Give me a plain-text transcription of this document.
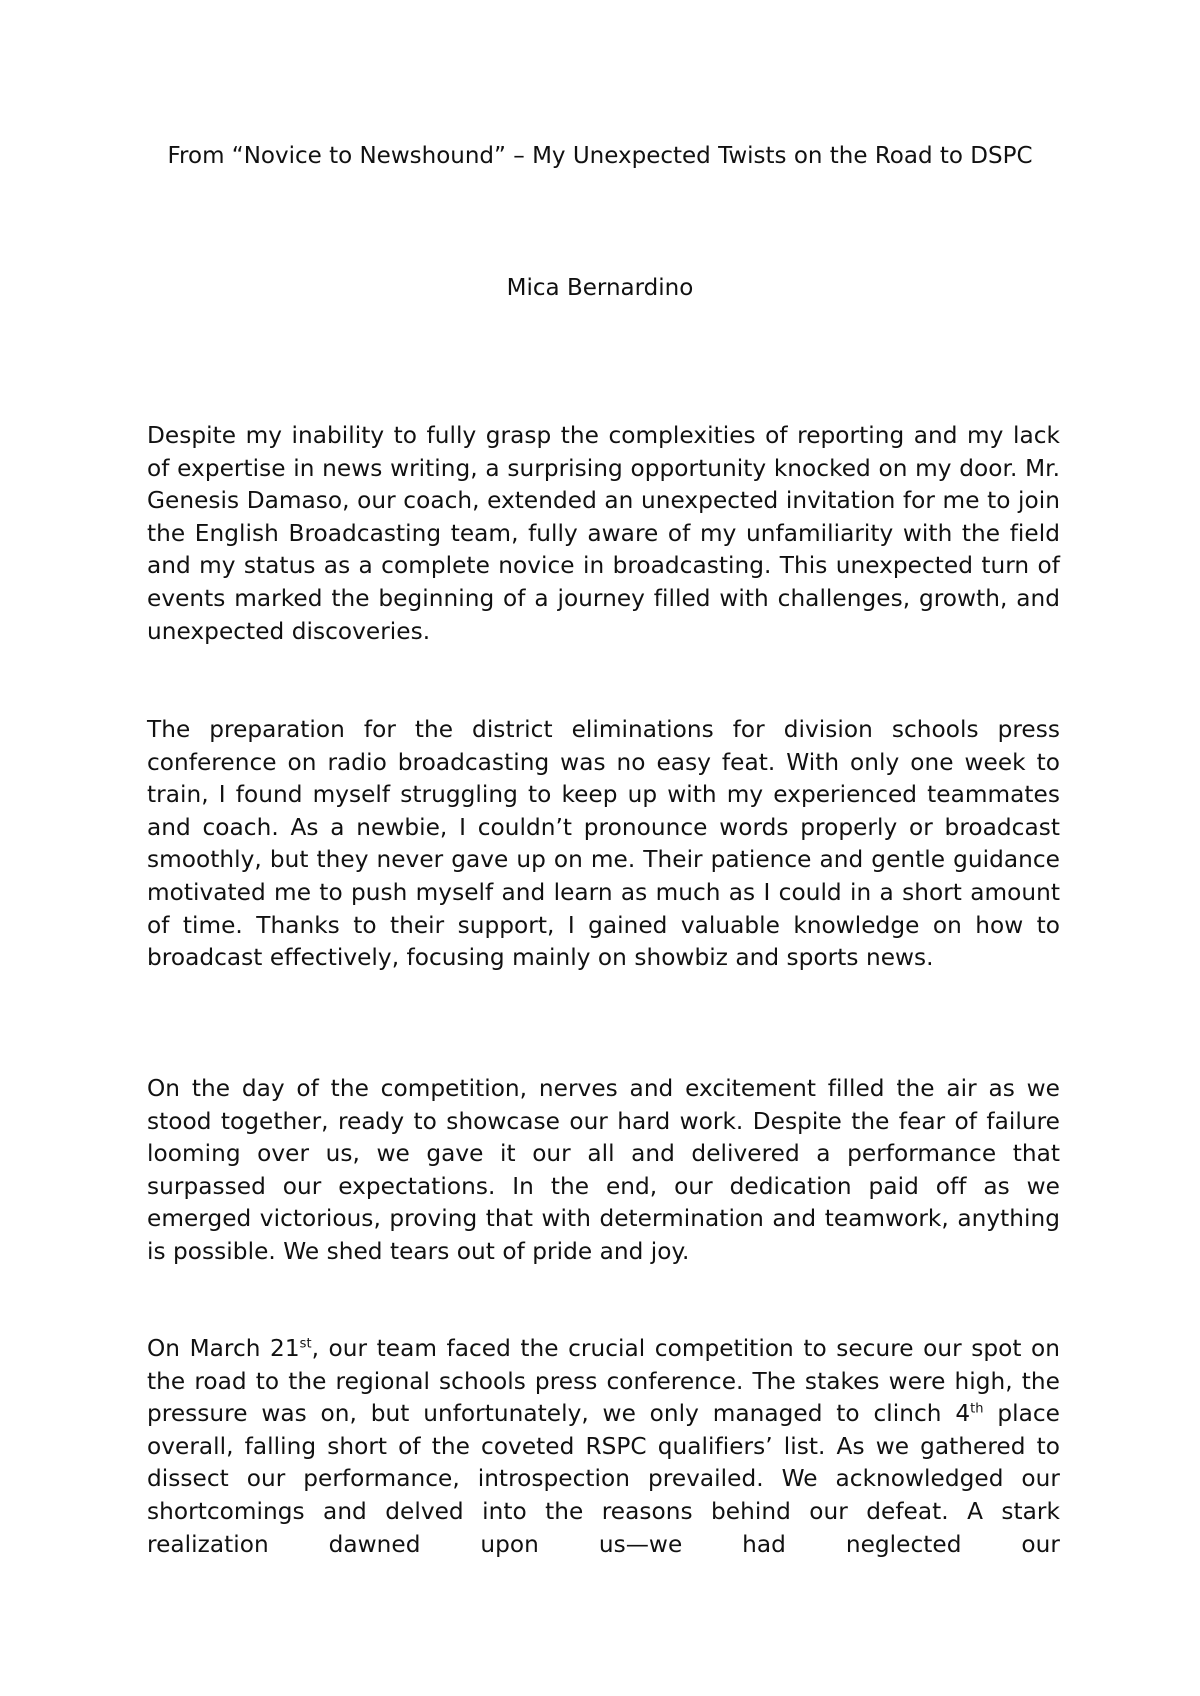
From “Novice to Newshound” – My Unexpected Twists on the Road to DSPC

Mica Bernardino

Despite my inability to fully grasp the complexities of reporting and my lack of expertise in news writing, a surprising opportunity knocked on my door. Mr. Genesis Damaso, our coach, extended an unexpected invitation for me to join the English Broadcasting team, fully aware of my unfamiliarity with the field and my status as a complete novice in broadcasting. This unexpected turn of events marked the beginning of a journey filled with challenges, growth, and unexpected discoveries.

The preparation for the district eliminations for division schools press conference on radio broadcasting was no easy feat. With only one week to train, I found myself struggling to keep up with my experienced teammates and coach. As a newbie, I couldn’t pronounce words properly or broadcast smoothly, but they never gave up on me. Their patience and gentle guidance motivated me to push myself and learn as much as I could in a short amount of time. Thanks to their support, I gained valuable knowledge on how to broadcast effectively, focusing mainly on showbiz and sports news.

On the day of the competition, nerves and excitement filled the air as we stood together, ready to showcase our hard work. Despite the fear of failure looming over us, we gave it our all and delivered a performance that surpassed our expectations. In the end, our dedication paid off as we emerged victorious, proving that with determination and teamwork, anything is possible. We shed tears out of pride and joy.

On March 21st, our team faced the crucial competition to secure our spot on the road to the regional schools press conference. The stakes were high, the pressure was on, but unfortunately, we only managed to clinch 4th place overall, falling short of the coveted RSPC qualifiers’ list. As we gathered to dissect our performance, introspection prevailed. We acknowledged our shortcomings and delved into the reasons behind our defeat. A stark realization dawned upon us—we had neglected our
